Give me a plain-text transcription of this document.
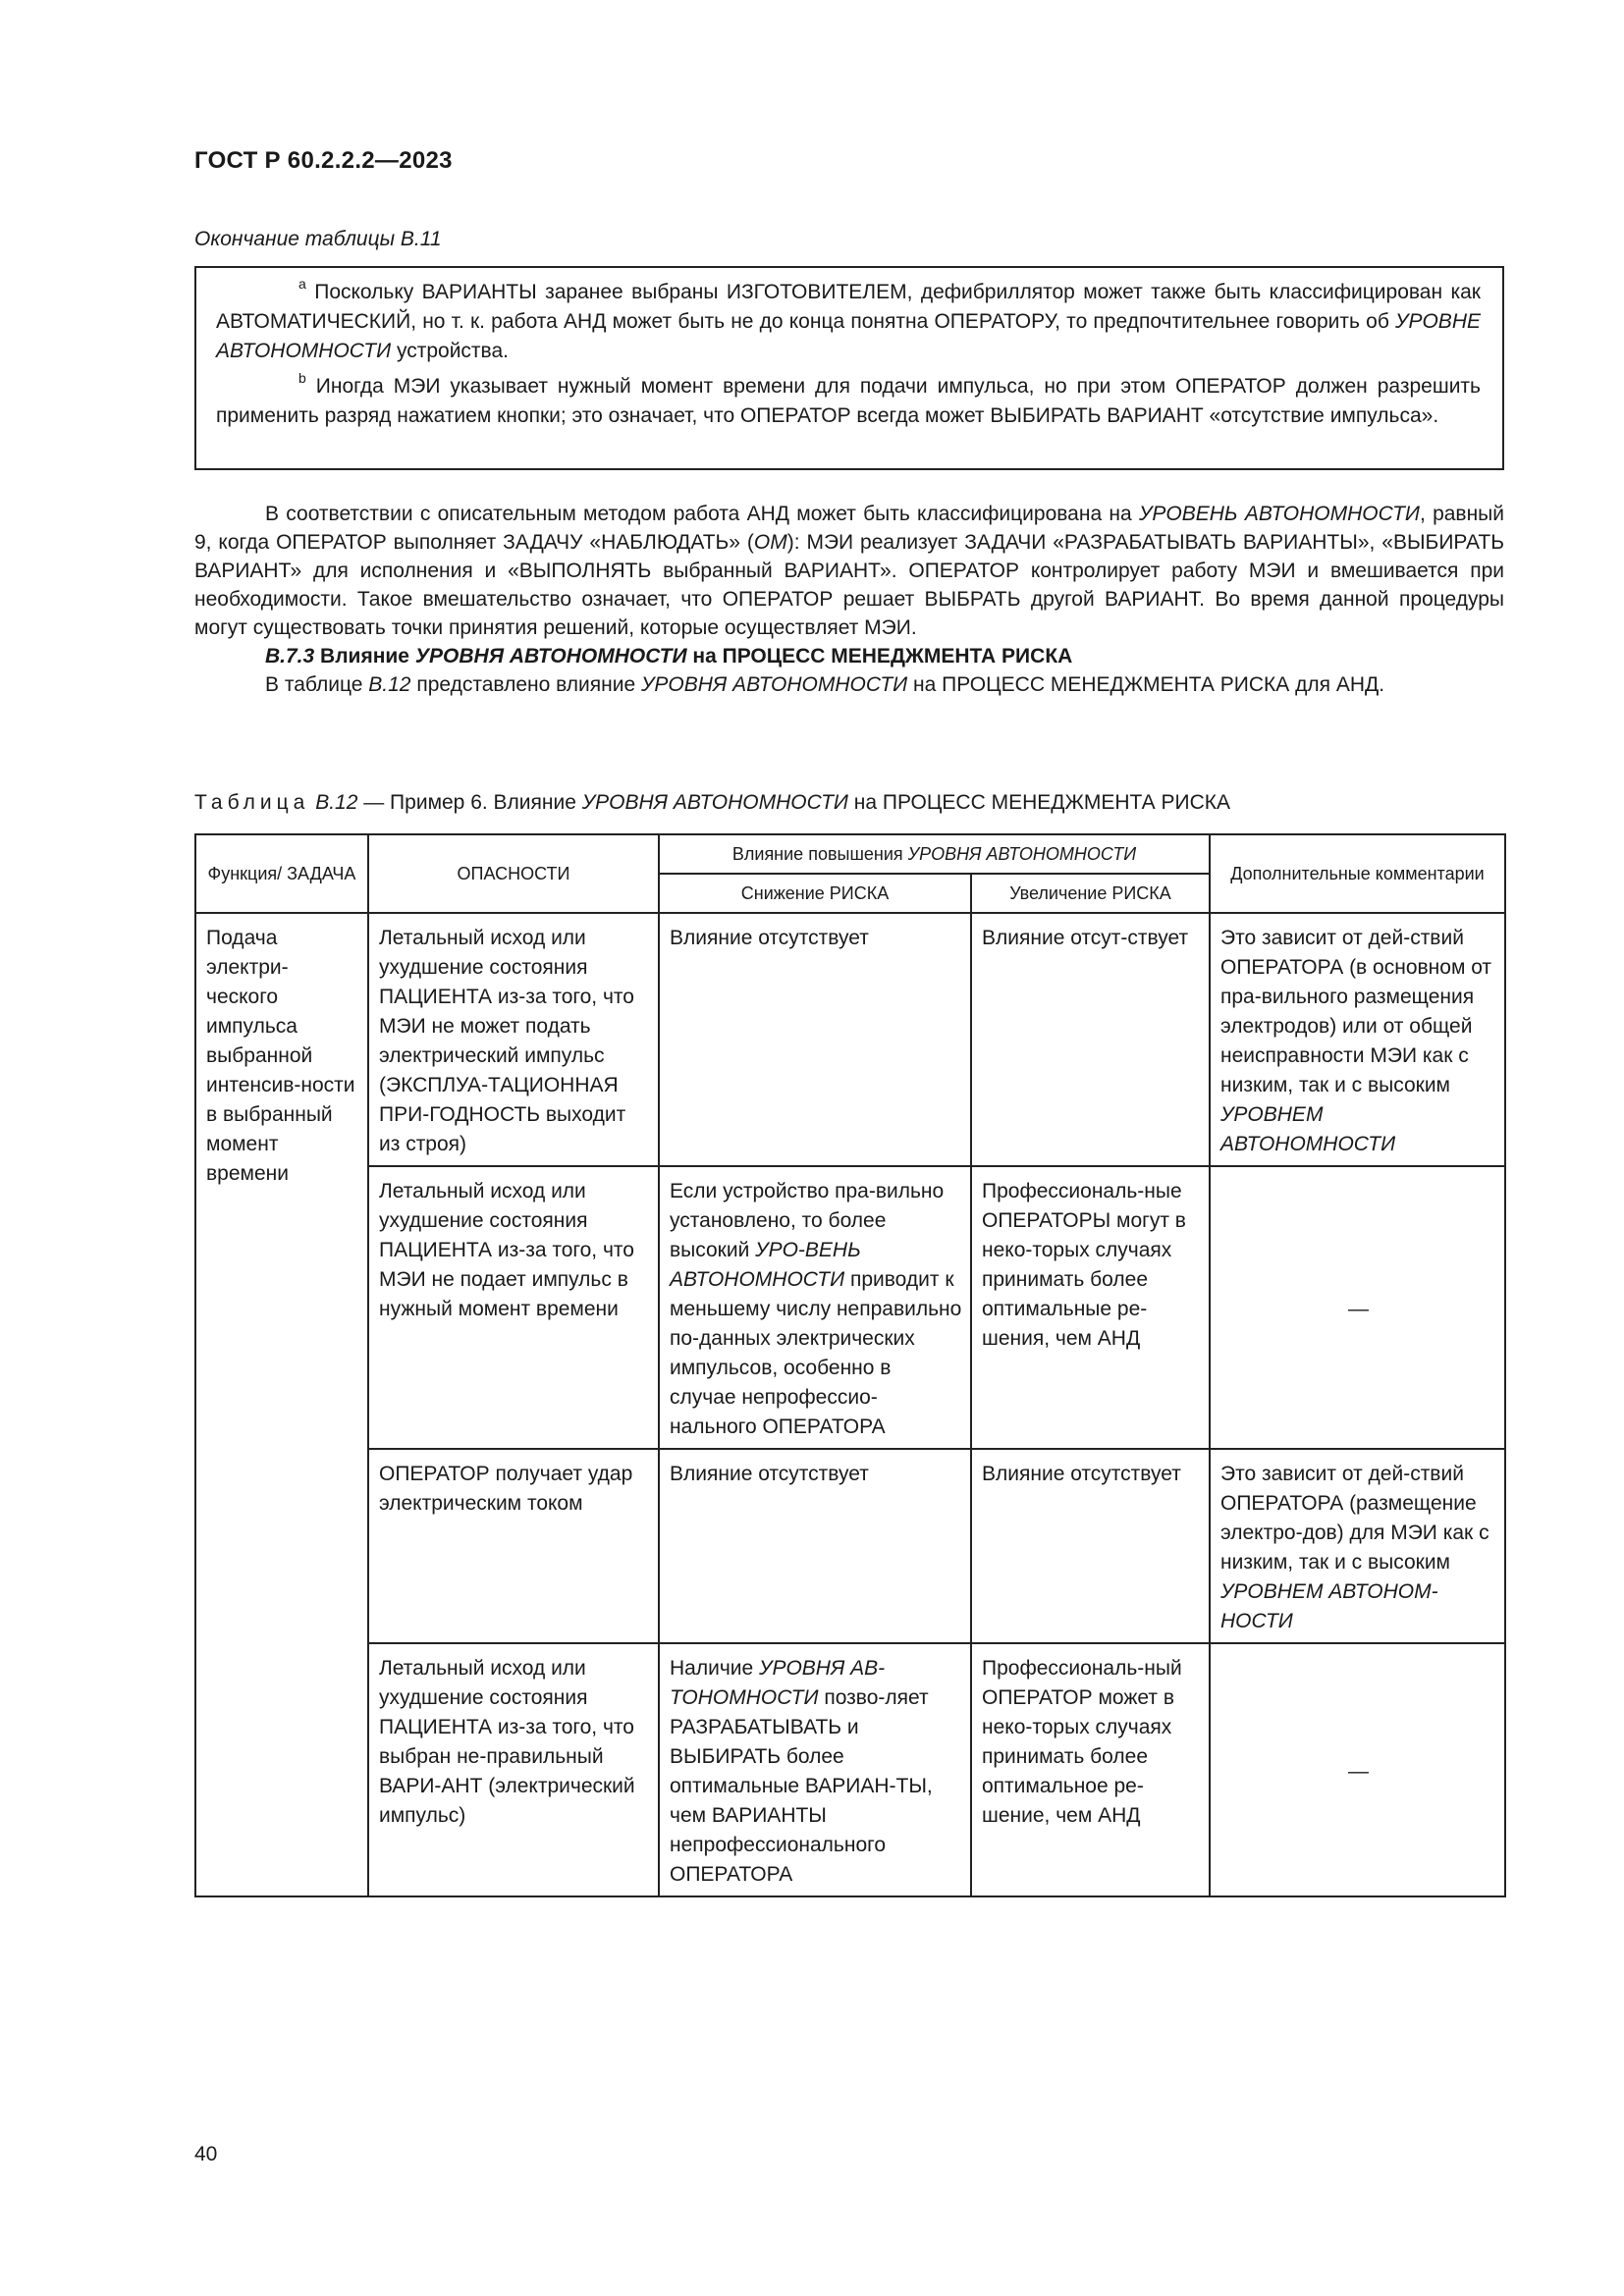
ГОСТ Р 60.2.2.2—2023
Окончание таблицы В.11

$^a$ Поскольку ВАРИАНТЫ заранее выбраны ИЗГОТОВИТЕЛЕМ, дефибриллятор может также быть классифицирован как АВТОМАТИЧЕСКИЙ, но т. к. работа АНД может быть не до конца понятна ОПЕРАТОРУ, то предпочтительнее говорить об УРОВНЕ АВТОНОМНОСТИ устройства.

$^b$ Иногда МЭИ указывает нужный момент времени для подачи импульса, но при этом ОПЕРАТОР должен разрешить применить разряд нажатием кнопки; это означает, что ОПЕРАТОР всегда может ВЫБИРАТЬ ВАРИАНТ «отсутствие импульса».

В соответствии с описательным методом работа АНД может быть классифицирована на УРОВЕНЬ АВТОНОМНОСТИ, равный 9, когда ОПЕРАТОР выполняет ЗАДАЧУ «НАБЛЮДАТЬ» (ОМ): МЭИ реализует ЗАДАЧИ «РАЗРАБАТЫВАТЬ ВАРИАНТЫ», «ВЫБИРАТЬ ВАРИАНТ» для исполнения и «ВЫПОЛНЯТЬ выбранный ВАРИАНТ». ОПЕРАТОР контролирует работу МЭИ и вмешивается при необходимости. Такое вмешательство означает, что ОПЕРАТОР решает ВЫБРАТЬ другой ВАРИАНТ. Во время данной процедуры могут существовать точки принятия решений, которые осуществляет МЭИ.

В.7.3 Влияние УРОВНЯ АВТОНОМНОСТИ на ПРОЦЕСС МЕНЕДЖМЕНТА РИСКА

В таблице В.12 представлено влияние УРОВНЯ АВТОНОМНОСТИ на ПРОЦЕСС МЕНЕДЖМЕНТА РИСКА для АНД.

Таблица В.12 — Пример 6. Влияние УРОВНЯ АВТОНОМНОСТИ на ПРОЦЕСС МЕНЕДЖМЕНТА РИСКА
Функция/ ЗАДАЧА	ОПАСНОСТИ	Влияние повышения УРОВНЯ АВТОНОМНОСТИ		Дополнительные комментарии
		Снижение РИСКА	Увеличение РИСКА	
Подача электри-ческого импульса выбранной интенсив-ности в выбранный момент времени	Летальный исход или ухудшение состояния ПАЦИЕНТА из-за того, что МЭИ не может подать электрический импульс (ЭКСПЛУА-ТАЦИОННАЯ ПРИ-ГОДНОСТЬ выходит из строя)	Влияние отсутствует	Влияние отсут-ствует	Это зависит от дей-ствий ОПЕРАТОРА (в основном от пра-вильного размещения электродов) или от общей неисправности МЭИ как с низким, так и с высоким УРОВНЕМ АВТОНОМНОСТИ
	Летальный исход или ухудшение состояния ПАЦИЕНТА из-за того, что МЭИ не подает импульс в нужный момент времени	Если устройство пра-вильно установлено, то более высокий УРО-ВЕНЬ АВТОНОМНОСТИ приводит к меньшему числу неправильно по-данных электрических импульсов, особенно в случае непрофессио-нального ОПЕРАТОРА	Профессиональ-ные ОПЕРАТОРЫ могут в неко-торых случаях принимать более оптимальные ре-шения, чем АНД	—
	ОПЕРАТОР получает удар электрическим током	Влияние отсутствует	Влияние отсутствует	Это зависит от дей-ствий ОПЕРАТОРА (размещение электро-дов) для МЭИ как с низким, так и с высоким УРОВНЕМ АВТОНОМ-НОСТИ
	Летальный исход или ухудшение состояния ПАЦИЕНТА из-за того, что выбран не-правильный ВАРИ-АНТ (электрический импульс)	Наличие УРОВНЯ АВ-ТОНОМНОСТИ позво-ляет РАЗРАБАТЫВАТЬ и ВЫБИРАТЬ более оптимальные ВАРИАН-ТЫ, чем ВАРИАНТЫ непрофессионального ОПЕРАТОРА	Профессиональ-ный ОПЕРАТОР может в неко-торых случаях принимать более оптимальное ре-шение, чем АНД	—
40
